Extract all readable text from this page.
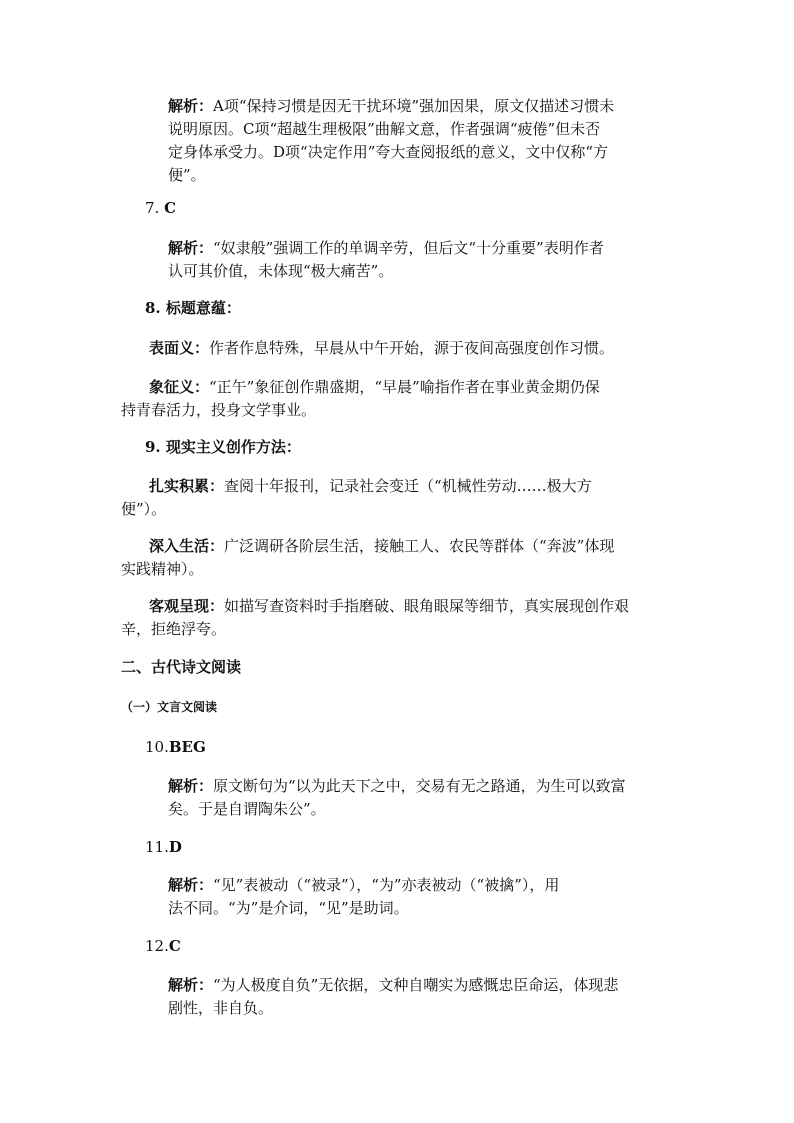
解析：A项“保持习惯是因无干扰环境”强加因果，原文仅描述习惯未
说明原因。C项“超越生理极限”曲解文意，作者强调“疲倦”但未否
定身体承受力。D项“决定作用”夸大查阅报纸的意义，文中仅称“方
便”。
7. C
解析：“奴隶般”强调工作的单调辛劳，但后文“十分重要”表明作者
认可其价值，未体现“极大痛苦”。
8. 标题意蕴：
表面义：作者作息特殊，早晨从中午开始，源于夜间高强度创作习惯。
象征义：“正午”象征创作鼎盛期，“早晨”喻指作者在事业黄金期仍保
持青春活力，投身文学事业。
9. 现实主义创作方法：
扎实积累：查阅十年报刊，记录社会变迁（“机械性劳动……极大方
便”）。
深入生活：广泛调研各阶层生活，接触工人、农民等群体（“奔波”体现
实践精神）。
客观呈现：如描写查资料时手指磨破、眼角眼屎等细节，真实展现创作艰
辛，拒绝浮夸。
二、古代诗文阅读
（一）文言文阅读
10.BEG
解析：原文断句为“以为此天下之中，交易有无之路通，为生可以致富
矣。于是自谓陶朱公”。
11.D
解析：“见”表被动（“被录”），“为”亦表被动（“被擒”），用
法不同。“为”是介词，“见”是助词。
12.C
解析：“为人极度自负”无依据，文种自嘲实为感慨忠臣命运，体现悲
剧性，非自负。
